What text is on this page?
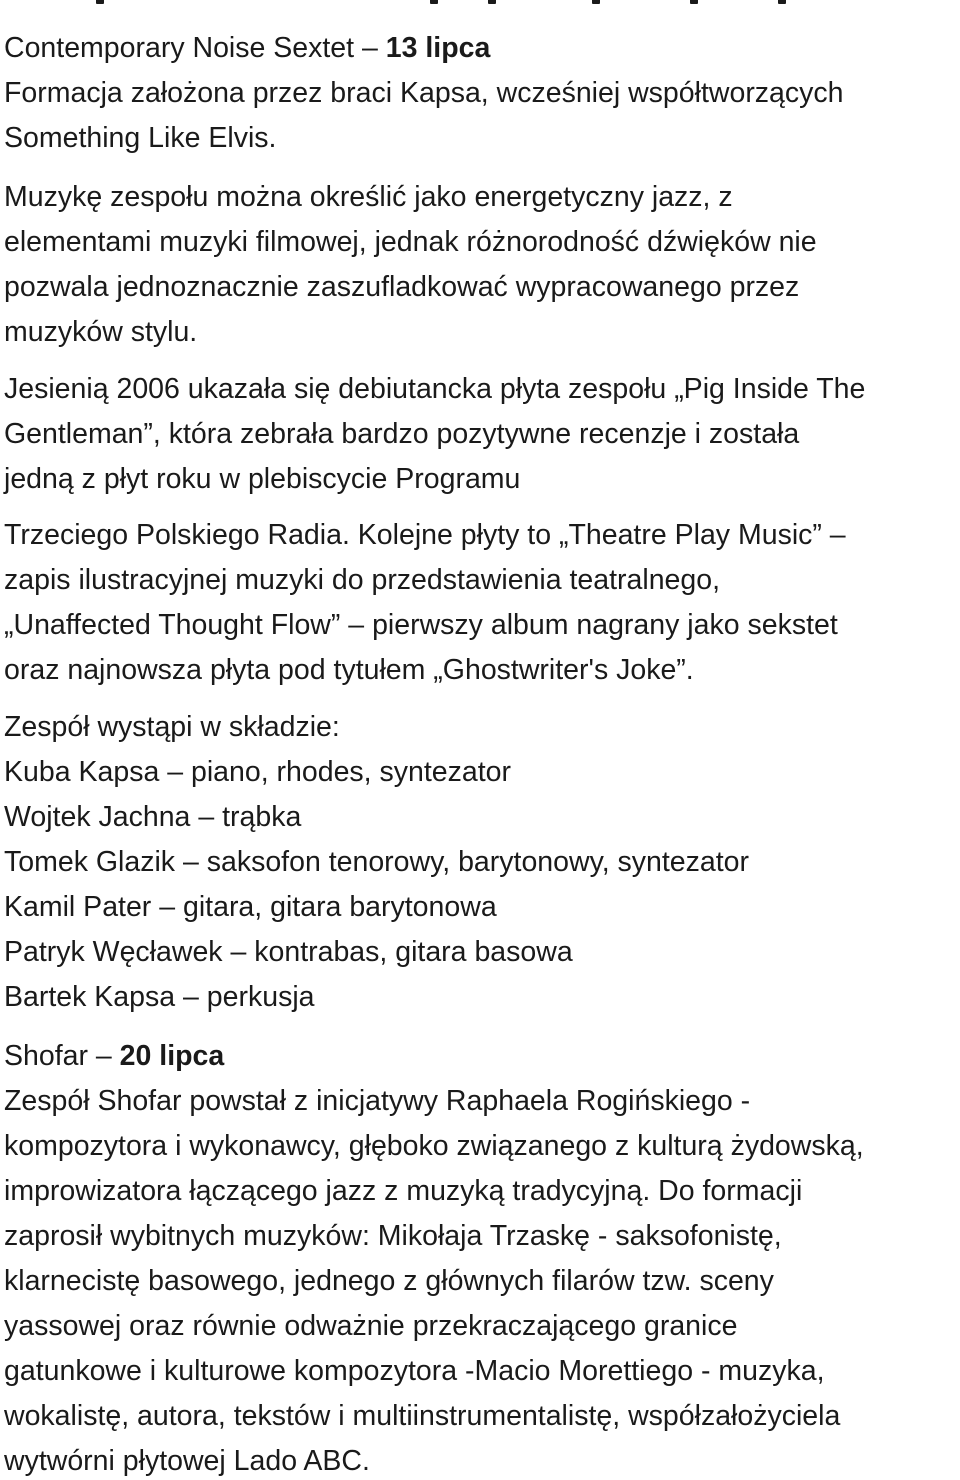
Contemporary Noise Sextet – 13 lipca

Formacja założona przez braci Kapsa, wcześniej współtworzących

Something Like Elvis.

Muzykę zespołu można określić jako energetyczny jazz, z

elementami muzyki filmowej, jednak różnorodność dźwięków nie

pozwala jednoznacznie zaszufladkować wypracowanego przez

muzyków stylu.

Jesienią 2006 ukazała się debiutancka płyta zespołu „Pig Inside The

Gentleman”, która zebrała bardzo pozytywne recenzje i została

jedną z płyt roku w plebiscycie Programu

Trzeciego Polskiego Radia. Kolejne płyty to „Theatre Play Music” –

zapis ilustracyjnej muzyki do przedstawienia teatralnego,

„Unaffected Thought Flow” – pierwszy album nagrany jako sekstet

oraz najnowsza płyta pod tytułem „Ghostwriter's Joke”.

Zespół wystąpi w składzie:

Kuba Kapsa – piano, rhodes, syntezator

Wojtek Jachna – trąbka

Tomek Glazik – saksofon tenorowy, barytonowy, syntezator

Kamil Pater – gitara, gitara barytonowa

Patryk Węcławek – kontrabas, gitara basowa

Bartek Kapsa – perkusja

Shofar – 20 lipca

Zespół Shofar powstał z inicjatywy Raphaela Rogińskiego -

kompozytora i wykonawcy, głęboko związanego z kulturą żydowską,

improwizatora łączącego jazz z muzyką tradycyjną. Do formacji

zaprosił wybitnych muzyków: Mikołaja Trzaskę - saksofonistę,

klarnecistę basowego, jednego z głównych filarów tzw. sceny

yassowej oraz równie odważnie przekraczającego granice

gatunkowe i kulturowe kompozytora -Macio Morettiego - muzyka,

wokalistę, autora, tekstów i multiinstrumentalistę, współzałożyciela

wytwórni płytowej Lado ABC.
